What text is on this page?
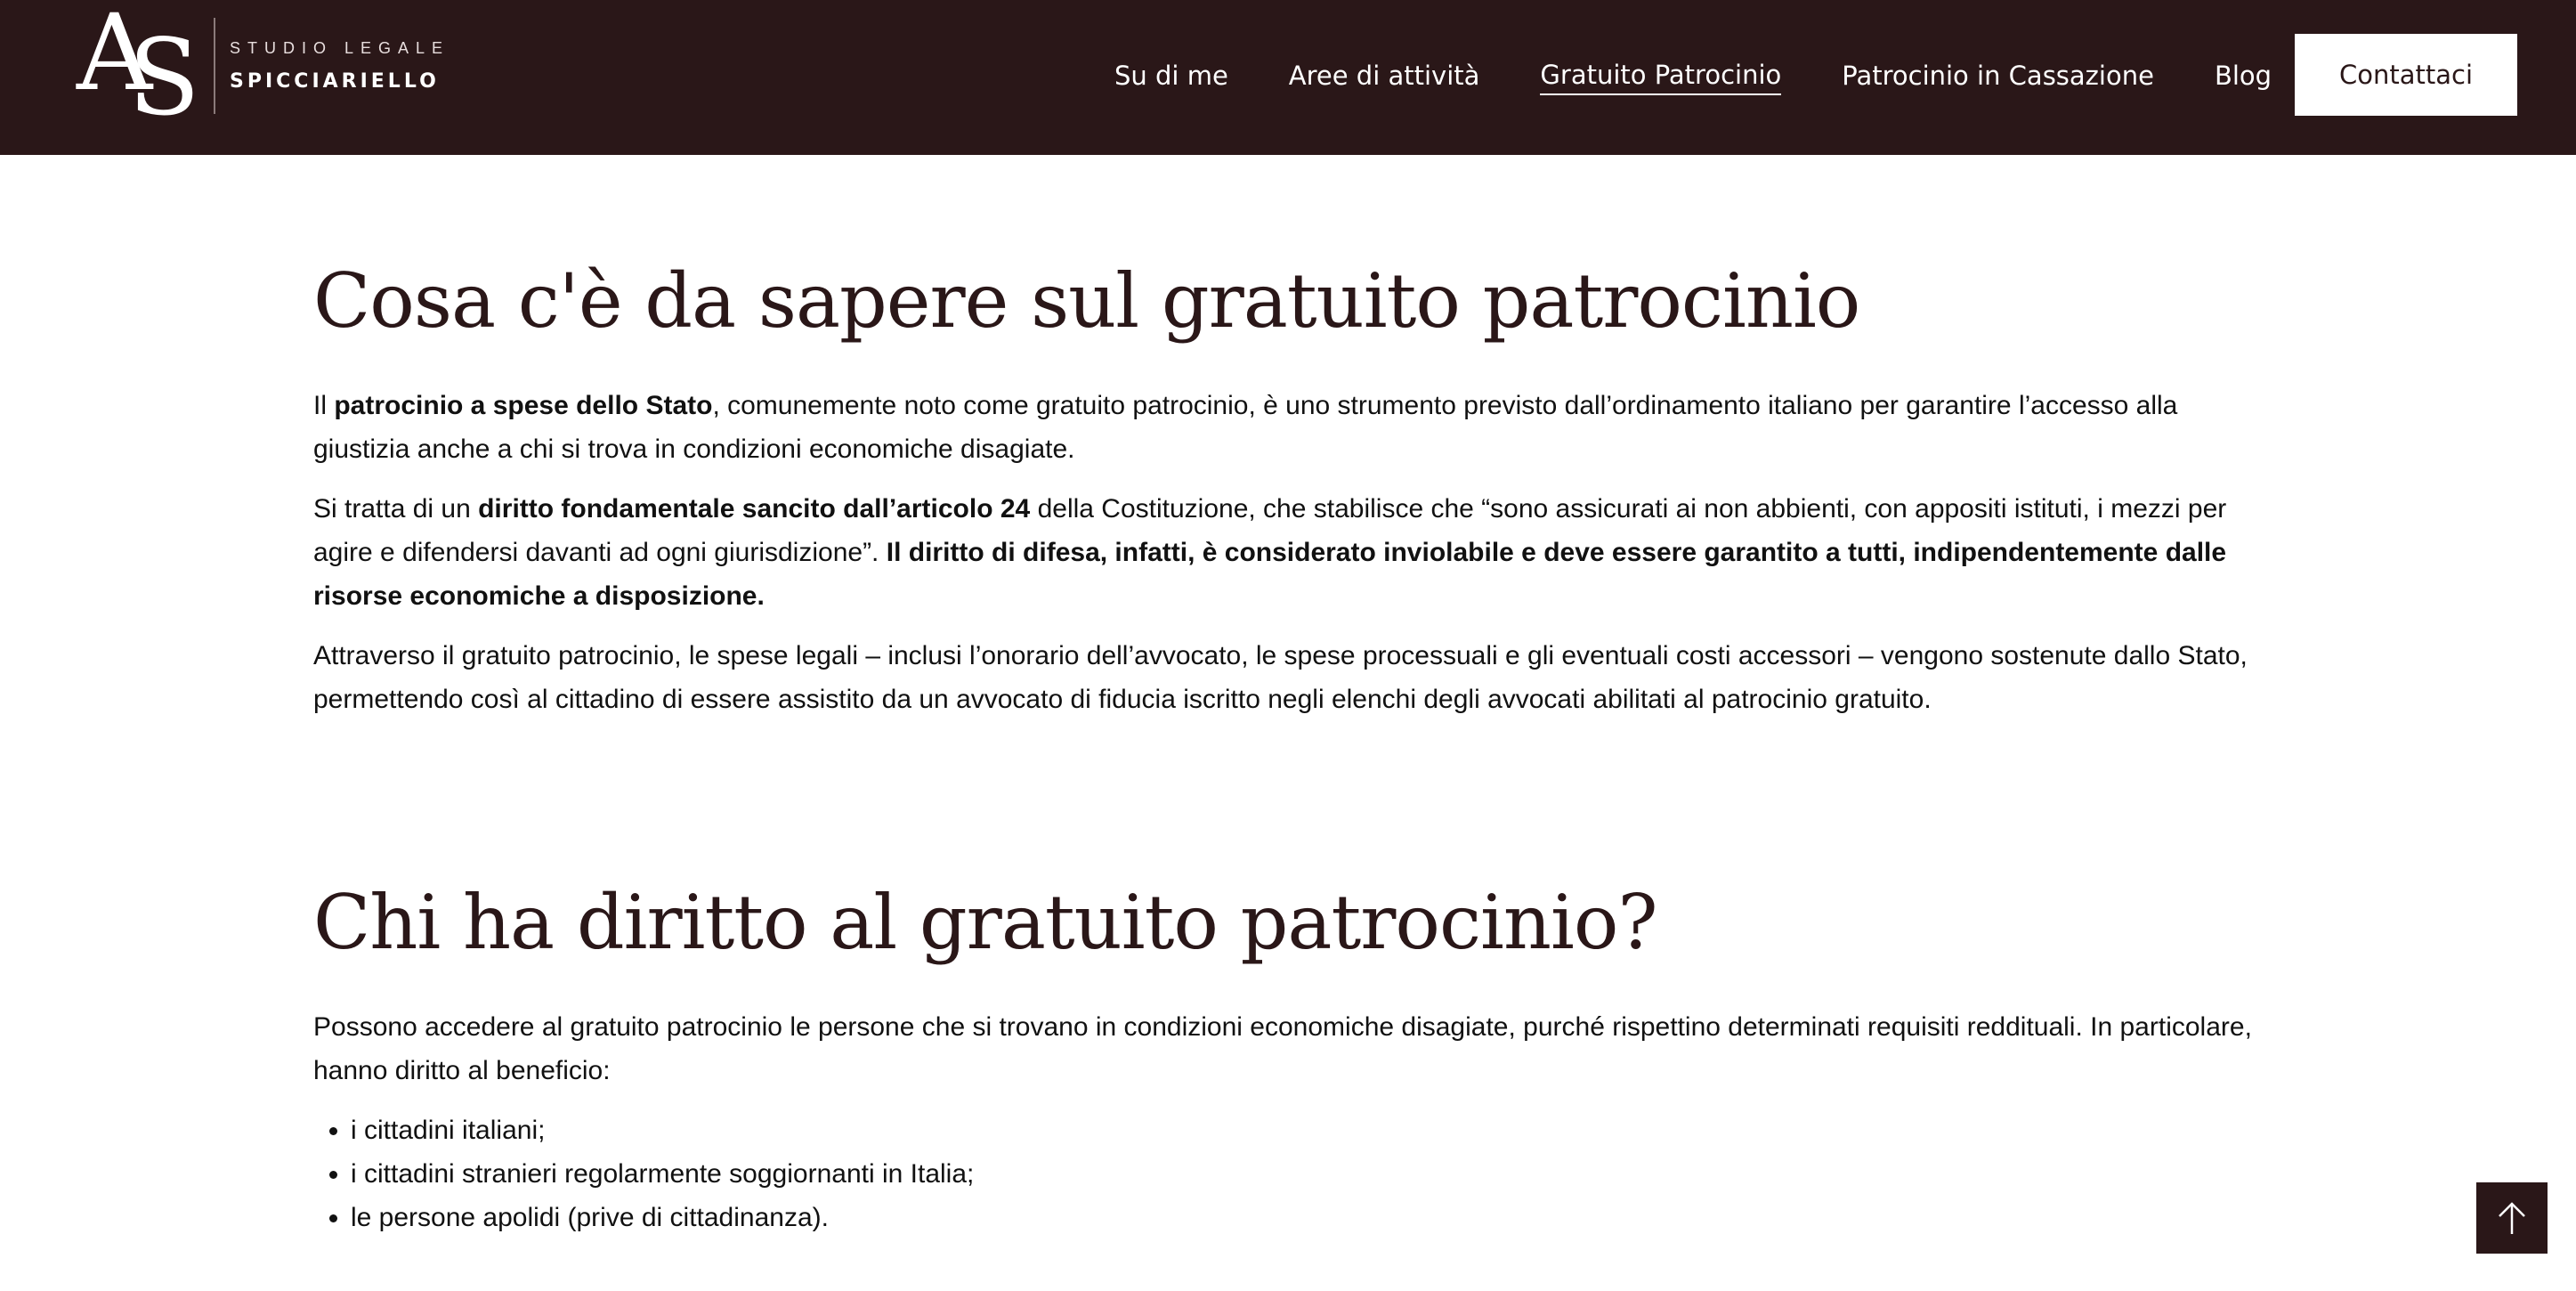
A
S STUDIO LEGALE
SPICCIARIELLO	Su di me Aree di attività Gratuito Patrocinio Patrocinio in Cassazione Blog	Contattaci
Cosa c'è da sapere sul gratuito patrocinio

Il patrocinio a spese dello Stato, comunemente noto come gratuito patrocinio, è uno strumento previsto dall’ordinamento italiano per garantire l’accesso alla giustizia anche a chi si trova in condizioni economiche disagiate.

Si tratta di un diritto fondamentale sancito dall’articolo 24 della Costituzione, che stabilisce che “sono assicurati ai non abbienti, con appositi istituti, i mezzi per agire e difendersi davanti ad ogni giurisdizione”. Il diritto di difesa, infatti, è considerato inviolabile e deve essere garantito a tutti, indipendentemente dalle risorse economiche a disposizione.

Attraverso il gratuito patrocinio, le spese legali – inclusi l’onorario dell’avvocato, le spese processuali e gli eventuali costi accessori – vengono sostenute dallo Stato, permettendo così al cittadino di essere assistito da un avvocato di fiducia iscritto negli elenchi degli avvocati abilitati al patrocinio gratuito.

Chi ha diritto al gratuito patrocinio?

Possono accedere al gratuito patrocinio le persone che si trovano in condizioni economiche disagiate, purché rispettino determinati requisiti reddituali. In particolare, hanno diritto al beneficio:

• i cittadini italiani;
• i cittadini stranieri regolarmente soggiornanti in Italia;
• le persone apolidi (prive di cittadinanza).
